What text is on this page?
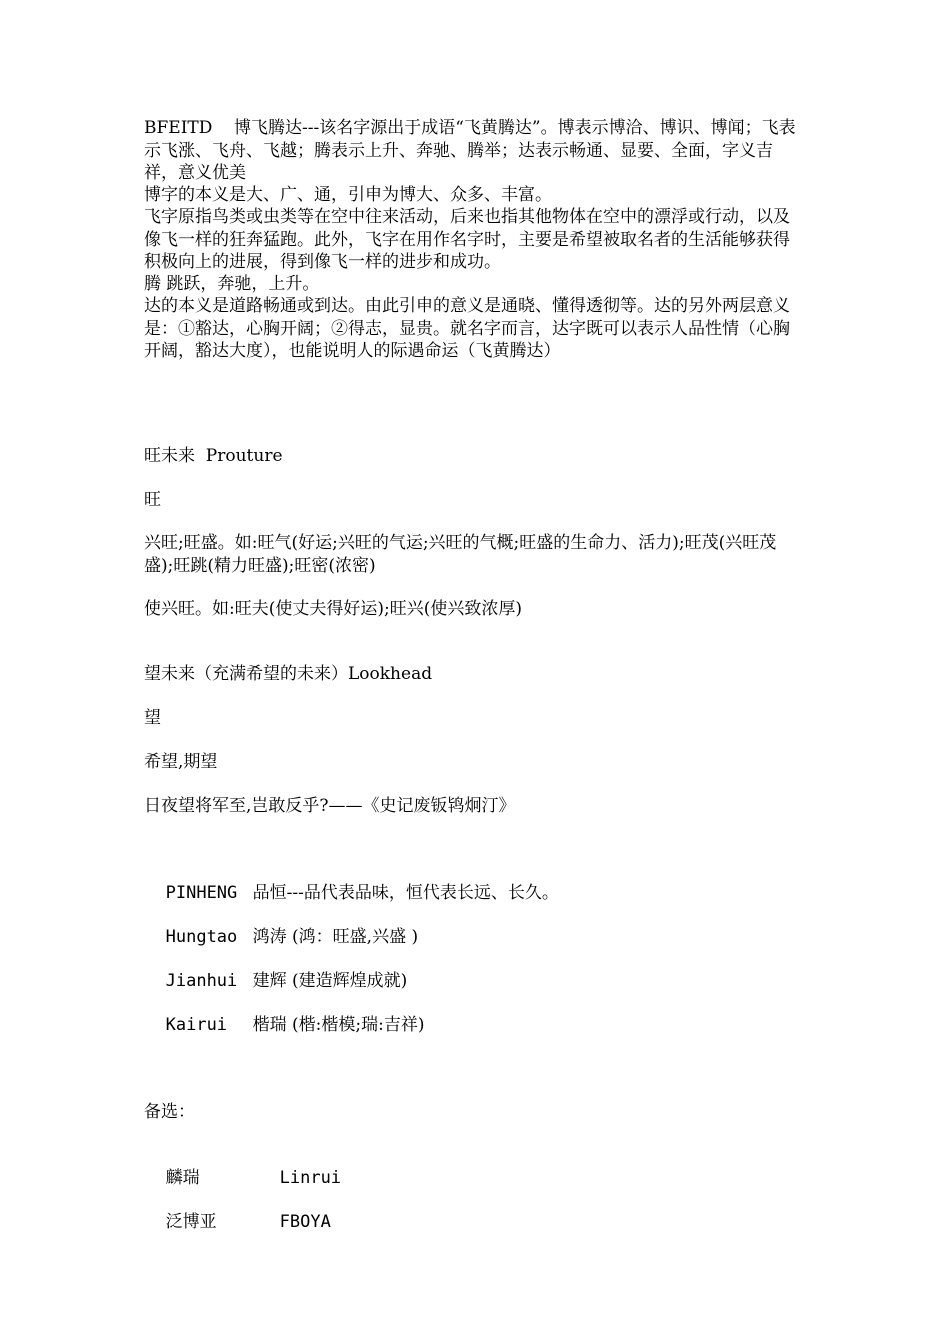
BFEITD    博飞腾达---该名字源出于成语“飞黄腾达”。博表示博洽、博识、博闻；飞表示飞涨、飞舟、飞越；腾表示上升、奔驰、腾举；达表示畅通、显要、全面，字义吉祥，意义优美
博字的本义是大、广、通，引申为博大、众多、丰富。
飞字原指鸟类或虫类等在空中往来活动，后来也指其他物体在空中的漂浮或行动，以及像飞一样的狂奔猛跑。此外，飞字在用作名字时，主要是希望被取名者的生活能够获得积极向上的进展，得到像飞一样的进步和成功。
腾 跳跃，奔驰，上升。
达的本义是道路畅通或到达。由此引申的意义是通晓、懂得透彻等。达的另外两层意义是：①豁达，心胸开阔；②得志，显贵。就名字而言，达字既可以表示人品性情（心胸开阔，豁达大度），也能说明人的际遇命运（飞黄腾达）
旺未来  Prouture
旺
兴旺;旺盛。如:旺气(好运;兴旺的气运;兴旺的气概;旺盛的生命力、活力);旺茂(兴旺茂盛);旺跳(精力旺盛);旺密(浓密)
使兴旺。如:旺夫(使丈夫得好运);旺兴(使兴致浓厚)
望未来（充满希望的未来）Lookhead
望
希望,期望
日夜望将军至,岂敢反乎?——《史记废钣鸨炯汀》

PINHENG 品恒---品代表品味，恒代表长远、长久。

Hungtao 鸿涛 (鸿：旺盛,兴盛 )

Jianhui 建辉 (建造辉煌成就)

Kairui 楷瑞 (楷:楷模;瑞:吉祥)

备选：

麟瑞	Linrui

泛博亚	FBOYA
